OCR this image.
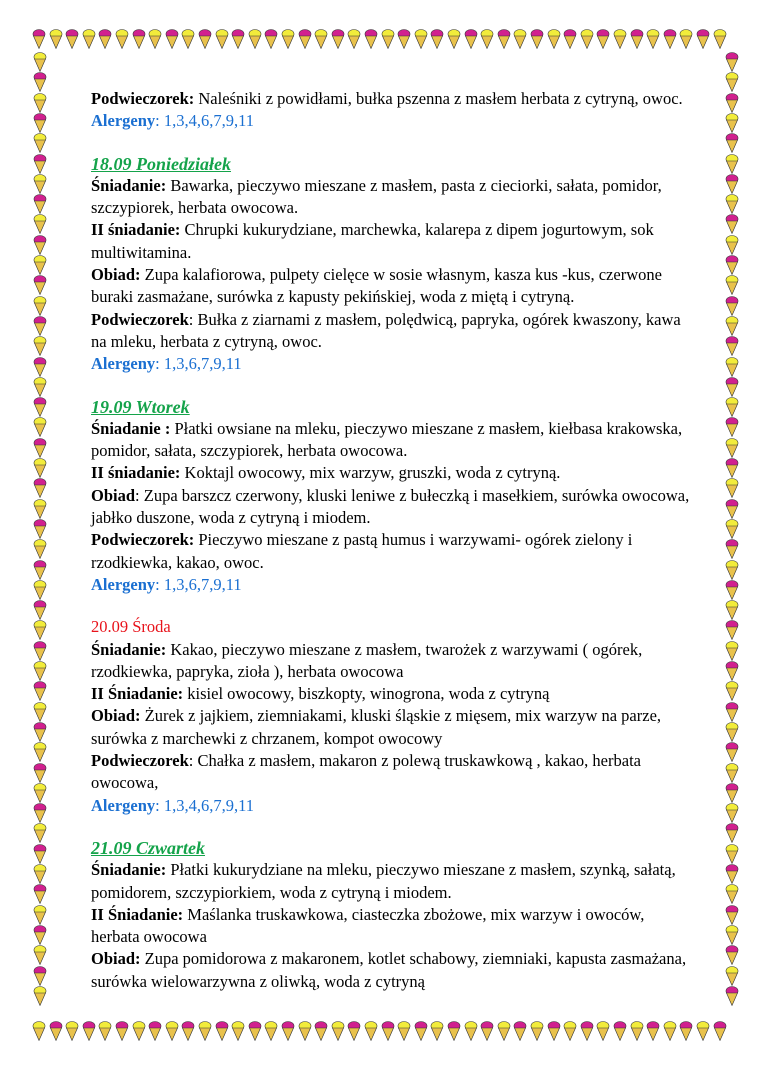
Podwieczorek: Naleśniki z powidłami, bułka pszenna z masłem herbata z cytryną, owoc.

Alergeny: 1,3,4,6,7,9,11

18.09 Poniedziałek

Śniadanie: Bawarka, pieczywo mieszane z masłem, pasta z cieciorki, sałata, pomidor, szczypiorek, herbata owocowa.

II śniadanie: Chrupki kukurydziane, marchewka, kalarepa z dipem jogurtowym, sok multiwitamina.

Obiad: Zupa kalafiorowa, pulpety cielęce w sosie własnym, kasza kus -kus, czerwone buraki zasmażane, surówka z kapusty pekińskiej, woda z miętą i cytryną.

Podwieczorek: Bułka z ziarnami z masłem, polędwicą, papryka, ogórek kwaszony, kawa na mleku, herbata z cytryną, owoc.

Alergeny: 1,3,6,7,9,11

19.09 Wtorek

Śniadanie : Płatki owsiane na mleku, pieczywo mieszane z masłem, kiełbasa krakowska, pomidor, sałata, szczypiorek, herbata owocowa.

II śniadanie: Koktajl owocowy, mix warzyw, gruszki, woda z cytryną.

Obiad: Zupa barszcz czerwony, kluski leniwe z bułeczką i masełkiem, surówka owocowa, jabłko duszone, woda z cytryną i miodem.

Podwieczorek: Pieczywo mieszane z pastą humus i warzywami- ogórek zielony i rzodkiewka, kakao, owoc.

Alergeny: 1,3,6,7,9,11

20.09 Środa

Śniadanie: Kakao, pieczywo mieszane z masłem, twarożek z warzywami ( ogórek, rzodkiewka, papryka, zioła ), herbata owocowa

II Śniadanie: kisiel owocowy, biszkopty, winogrona, woda z cytryną

Obiad: Żurek z jajkiem, ziemniakami, kluski śląskie z mięsem, mix warzyw na parze, surówka z marchewki z chrzanem, kompot owocowy

Podwieczorek: Chałka z masłem, makaron z polewą truskawkową , kakao, herbata owocowa,

Alergeny: 1,3,4,6,7,9,11

21.09 Czwartek

Śniadanie: Płatki kukurydziane na mleku, pieczywo mieszane z masłem, szynką, sałatą, pomidorem, szczypiorkiem, woda z cytryną i miodem.

II Śniadanie: Maślanka truskawkowa, ciasteczka zbożowe, mix warzyw i owoców, herbata owocowa

Obiad: Zupa pomidorowa z makaronem, kotlet schabowy, ziemniaki, kapusta zasmażana, surówka wielowarzywna z oliwką, woda z cytryną
